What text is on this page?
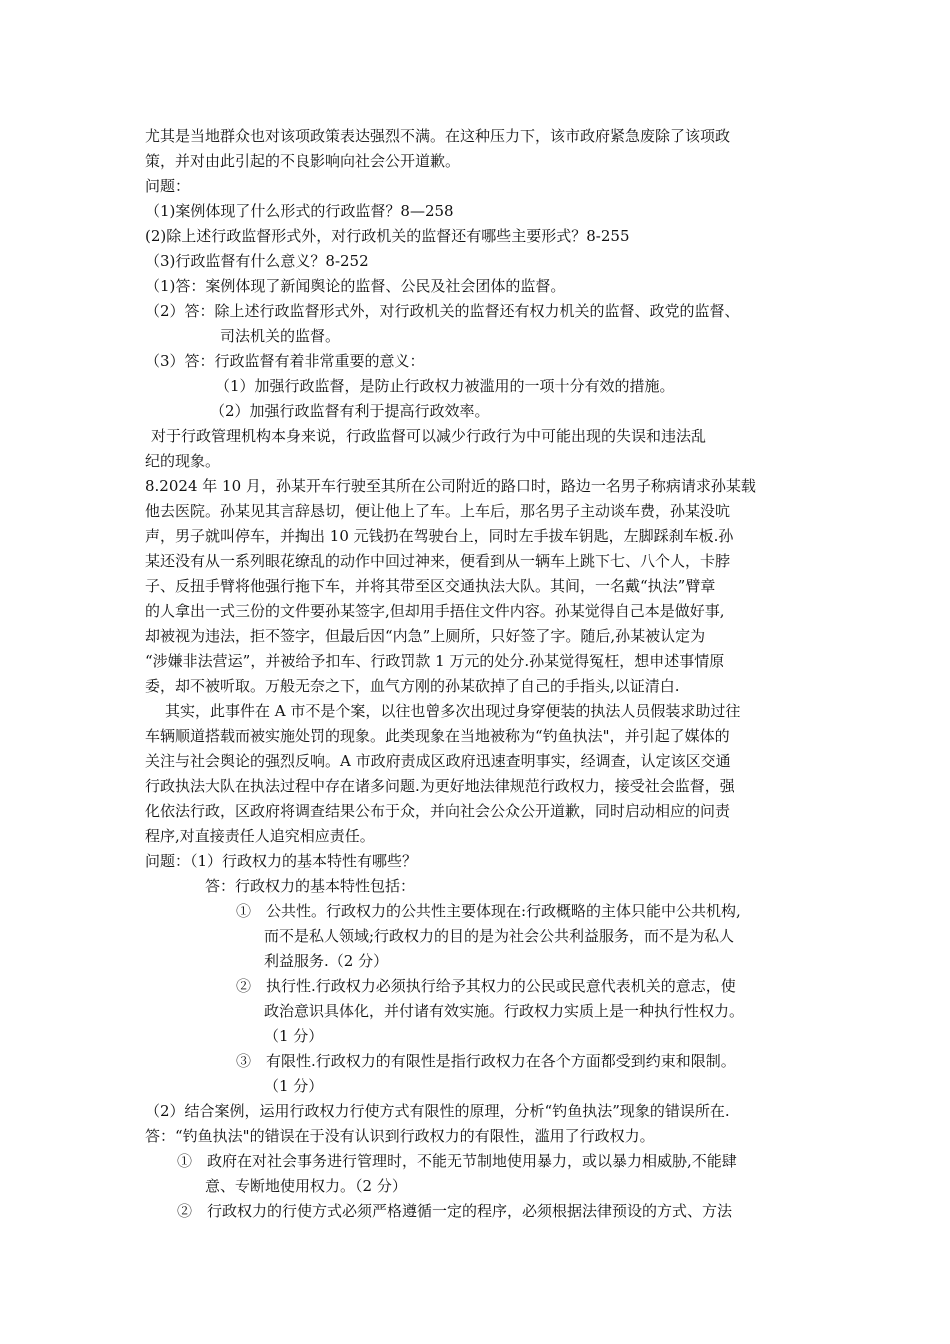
尤其是当地群众也对该项政策表达强烈不满。在这种压力下，该市政府紧急废除了该项政
策，并对由此引起的不良影响向社会公开道歉。
问题：
（1)案例体现了什么形式的行政监督？8—258
(2)除上述行政监督形式外，对行政机关的监督还有哪些主要形式？8-255
（3)行政监督有什么意义？8-252
（1)答：案例体现了新闻舆论的监督、公民及社会团体的监督。
（2）答：除上述行政监督形式外，对行政机关的监督还有权力机关的监督、政党的监督、
司法机关的监督。
（3）答：行政监督有着非常重要的意义：
（1）加强行政监督，是防止行政权力被滥用的一项十分有效的措施。
（2）加强行政监督有利于提高行政效率。
对于行政管理机构本身来说，行政监督可以减少行政行为中可能出现的失误和违法乱
纪的现象。
8.2024 年 10 月，孙某开车行驶至其所在公司附近的路口时，路边一名男子称病请求孙某载
他去医院。孙某见其言辞恳切，便让他上了车。上车后，那名男子主动谈车费，孙某没吭
声，男子就叫停车，并掏出 10 元钱扔在驾驶台上，同时左手拔车钥匙，左脚踩刹车板.孙
某还没有从一系列眼花缭乱的动作中回过神来，便看到从一辆车上跳下七、八个人，卡脖
子、反扭手臂将他强行拖下车，并将其带至区交通执法大队。其间，一名戴“执法”臂章
的人拿出一式三份的文件要孙某签字,但却用手捂住文件内容。孙某觉得自己本是做好事,
却被视为违法，拒不签字，但最后因“内急”上厕所，只好签了字。随后,孙某被认定为
“涉嫌非法营运”，并被给予扣车、行政罚款 1 万元的处分.孙某觉得冤枉，想申述事情原
委，却不被听取。万般无奈之下，血气方刚的孙某砍掉了自己的手指头,以证清白.
其实，此事件在 A 市不是个案，以往也曾多次出现过身穿便装的执法人员假装求助过往
车辆顺道搭载而被实施处罚的现象。此类现象在当地被称为“钓鱼执法"，并引起了媒体的
关注与社会舆论的强烈反响。A 市政府责成区政府迅速查明事实，经调查，认定该区交通
行政执法大队在执法过程中存在诸多问题.为更好地法律规范行政权力，接受社会监督，强
化依法行政，区政府将调查结果公布于众，并向社会公众公开道歉，同时启动相应的问责
程序,对直接责任人追究相应责任。
问题：（1）行政权力的基本特性有哪些？
答：行政权力的基本特性包括：
①　公共性。行政权力的公共性主要体现在:行政概略的主体只能中公共机构,
而不是私人领域;行政权力的目的是为社会公共利益服务，而不是为私人
利益服务.（2 分）
②　执行性.行政权力必须执行给予其权力的公民或民意代表机关的意志，使
政治意识具体化，并付诸有效实施。行政权力实质上是一种执行性权力。
（1 分）
③　有限性.行政权力的有限性是指行政权力在各个方面都受到约束和限制。
（1 分）
（2）结合案例，运用行政权力行使方式有限性的原理，分析“钓鱼执法”现象的错误所在.
答：“钓鱼执法"的错误在于没有认识到行政权力的有限性，滥用了行政权力。
①　政府在对社会事务进行管理时，不能无节制地使用暴力，或以暴力相威胁,不能肆
意、专断地使用权力。（2 分）
②　行政权力的行使方式必须严格遵循一定的程序，必须根据法律预设的方式、方法
